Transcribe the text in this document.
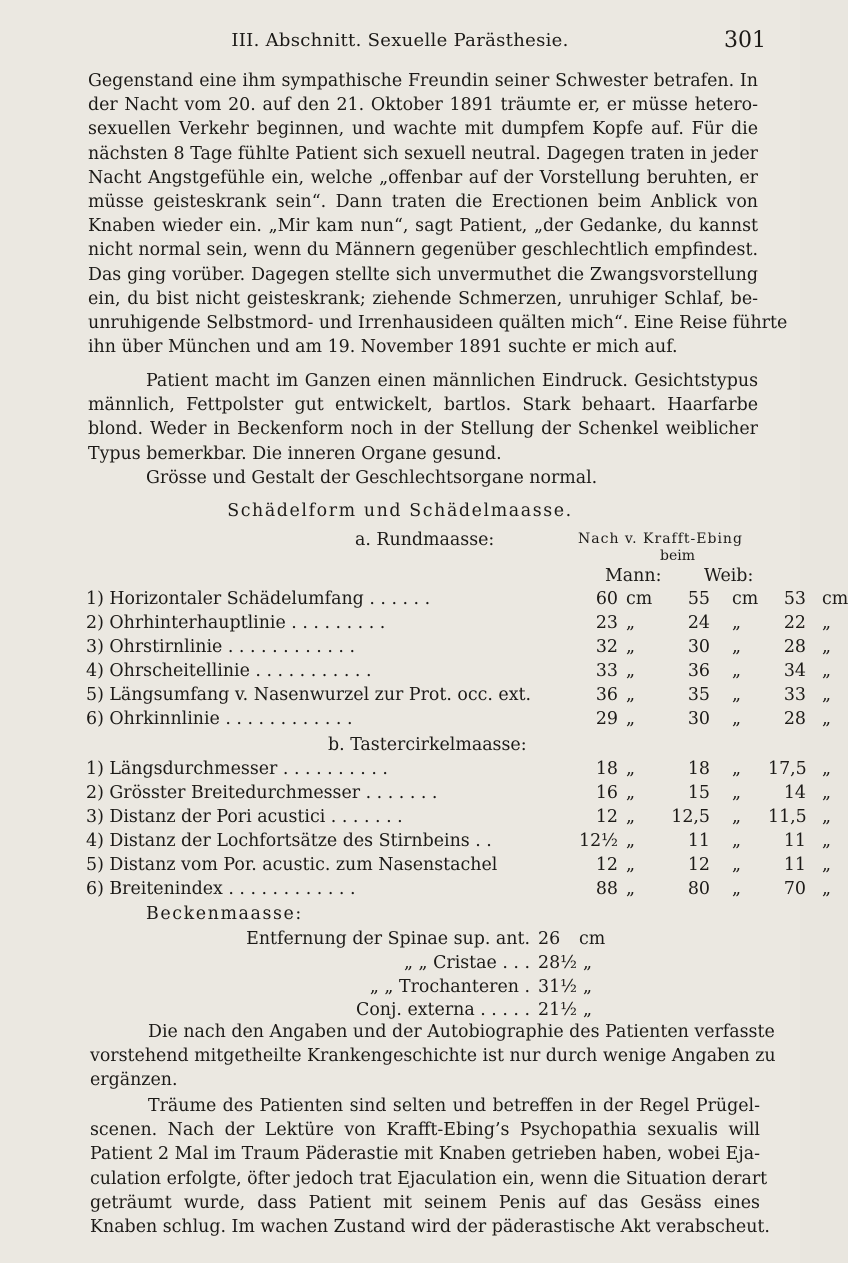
III. Abschnitt. Sexuelle Parästhesie.	301
Gegenstand eine ihm sympathische Freundin seiner Schwester betrafen. In
der Nacht vom 20. auf den 21. Oktober 1891 träumte er, er müsse hetero-
sexuellen Verkehr beginnen, und wachte mit dumpfem Kopfe auf. Für die
nächsten 8 Tage fühlte Patient sich sexuell neutral. Dagegen traten in jeder
Nacht Angstgefühle ein, welche „offenbar auf der Vorstellung beruhten, er
müsse geisteskrank sein“. Dann traten die Erectionen beim Anblick von
Knaben wieder ein. „Mir kam nun“, sagt Patient, „der Gedanke, du kannst
nicht normal sein, wenn du Männern gegenüber geschlechtlich empfindest.
Das ging vorüber. Dagegen stellte sich unvermuthet die Zwangsvorstellung
ein, du bist nicht geisteskrank; ziehende Schmerzen, unruhiger Schlaf, be-
unruhigende Selbstmord- und Irrenhausideen quälten mich“. Eine Reise führte
ihn über München und am 19. November 1891 suchte er mich auf.
Patient macht im Ganzen einen männlichen Eindruck. Gesichtstypus
männlich, Fettpolster gut entwickelt, bartlos. Stark behaart. Haarfarbe
blond. Weder in Beckenform noch in der Stellung der Schenkel weiblicher
Typus bemerkbar. Die inneren Organe gesund.
Grösse und Gestalt der Geschlechtsorgane normal.
Schädelform und Schädelmaasse.
a. Rundmaasse:	Nach v. Krafft-Ebing
beim
Mann: Weib:
1) Horizontaler Schädelumfang . . . . . .	60 cm	55 cm	53 cm
2) Ohrhinterhauptlinie . . . . . . . . .	23 „	24 „	22 „
3) Ohrstirnlinie . . . . . . . . . . . .	32 „	30 „	28 „
4) Ohrscheitellinie . . . . . . . . . . .	33 „	36 „	34 „
5) Längsumfang v. Nasenwurzel zur Prot. occ. ext.	36 „	35 „	33 „
6) Ohrkinnlinie . . . . . . . . . . . .	29 „	30 „	28 „
b. Tastercirkelmaasse:
1) Längsdurchmesser . . . . . . . . . .	18 „	18 „ 17,5 „
2) Grösster Breitedurchmesser . . . . . . .	16 „	15 „	14 „
3) Distanz der Pori acustici . . . . . . .	12 „	12,5 „ 11,5 „
4) Distanz der Lochfortsätze des Stirnbeins . .	12½ „	11 „	11 „
5) Distanz vom Por. acustic. zum Nasenstachel	12 „	12 „	11 „
6) Breitenindex . . . . . . . . . . . .	88 „	80 „	70 „
Beckenmaasse:
Entfernung der Spinae sup. ant. 26 cm
„ „ Cristae . . . 28½ „
„ „ Trochanteren . 31½ „
Conj. externa . . . . . 21½ „
Die nach den Angaben und der Autobiographie des Patienten verfasste
vorstehend mitgetheilte Krankengeschichte ist nur durch wenige Angaben zu
ergänzen.
Träume des Patienten sind selten und betreffen in der Regel Prügel-
scenen. Nach der Lektüre von Krafft-Ebing’s Psychopathia sexualis will
Patient 2 Mal im Traum Päderastie mit Knaben getrieben haben, wobei Eja-
culation erfolgte, öfter jedoch trat Ejaculation ein, wenn die Situation derart
geträumt wurde, dass Patient mit seinem Penis auf das Gesäss eines
Knaben schlug. Im wachen Zustand wird der päderastische Akt verabscheut.
